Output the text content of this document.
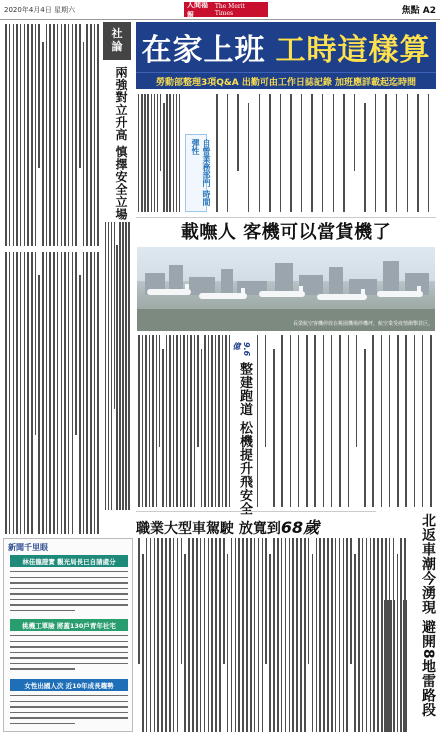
2020年4月4日 星期六
人間福報
The Merit Times	焦點 A2
社
論
兩強對立升高 慎擇安全立場
在家上班 工時這樣算
勞動部整理3項Q&A 出勤可由工作日誌記錄 加班應詳載起迄時間
自營業務部門 時間彈性
載嘸人 客機可以當貨機了
長榮航空客機停放在桃園機場停機坪，航空業受疫情衝擊甚巨。
9.6億
整建跑道 松機提升飛安全
職業大型車駕駛 放寬到68歲	北返車潮今湧現 避開8地雷路段
新聞千里眼
林佳龍證實 觀光局長已自請處分
桃機工單險 將蓋130戶青年社宅
女性出國人次 近10年成長趨勢
